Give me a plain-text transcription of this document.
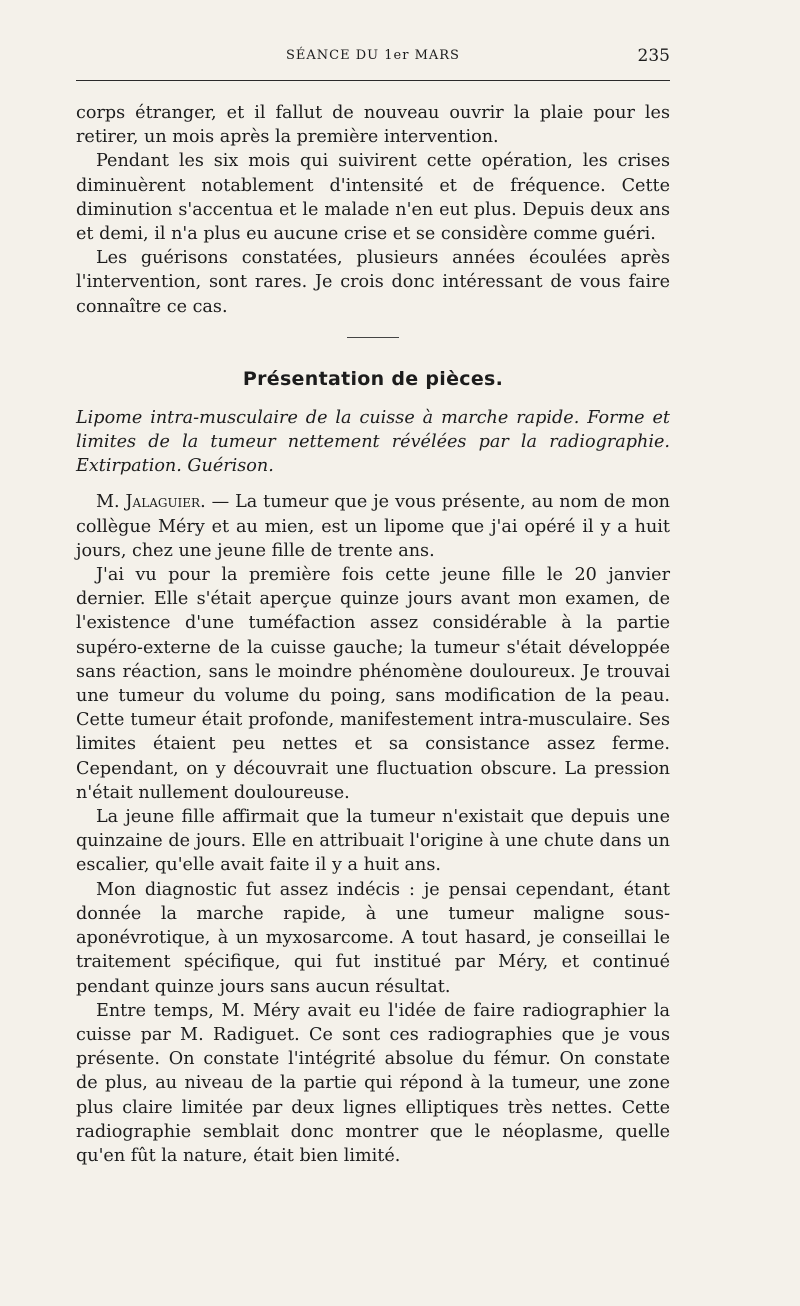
SÉANCE DU 1er MARS	235

corps étranger, et il fallut de nouveau ouvrir la plaie pour les retirer, un mois après la première intervention.

Pendant les six mois qui suivirent cette opération, les crises diminuèrent notablement d'intensité et de fréquence. Cette diminution s'accentua et le malade n'en eut plus. Depuis deux ans et demi, il n'a plus eu aucune crise et se considère comme guéri.

Les guérisons constatées, plusieurs années écoulées après l'intervention, sont rares. Je crois donc intéressant de vous faire connaître ce cas.

Présentation de pièces.
Lipome intra-musculaire de la cuisse à marche rapide. Forme et limites de la tumeur nettement révélées par la radiographie. Extirpation. Guérison.

M. Jalaguier. — La tumeur que je vous présente, au nom de mon collègue Méry et au mien, est un lipome que j'ai opéré il y a huit jours, chez une jeune fille de trente ans.

J'ai vu pour la première fois cette jeune fille le 20 janvier dernier. Elle s'était aperçue quinze jours avant mon examen, de l'existence d'une tuméfaction assez considérable à la partie supéro-externe de la cuisse gauche; la tumeur s'était développée sans réaction, sans le moindre phénomène douloureux. Je trouvai une tumeur du volume du poing, sans modification de la peau. Cette tumeur était profonde, manifestement intra-musculaire. Ses limites étaient peu nettes et sa consistance assez ferme. Cependant, on y découvrait une fluctuation obscure. La pression n'était nullement douloureuse.

La jeune fille affirmait que la tumeur n'existait que depuis une quinzaine de jours. Elle en attribuait l'origine à une chute dans un escalier, qu'elle avait faite il y a huit ans.

Mon diagnostic fut assez indécis : je pensai cependant, étant donnée la marche rapide, à une tumeur maligne sous-aponévrotique, à un myxosarcome. A tout hasard, je conseillai le traitement spécifique, qui fut institué par Méry, et continué pendant quinze jours sans aucun résultat.

Entre temps, M. Méry avait eu l'idée de faire radiographier la cuisse par M. Radiguet. Ce sont ces radiographies que je vous présente. On constate l'intégrité absolue du fémur. On constate de plus, au niveau de la partie qui répond à la tumeur, une zone plus claire limitée par deux lignes elliptiques très nettes. Cette radiographie semblait donc montrer que le néoplasme, quelle qu'en fût la nature, était bien limité.
